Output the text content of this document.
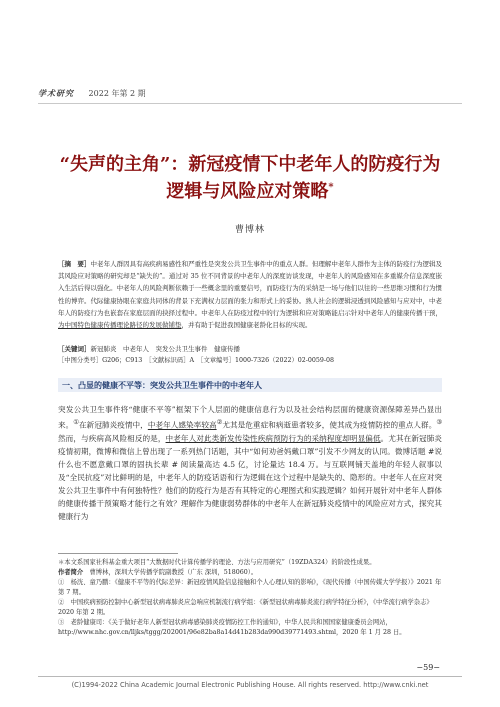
学术研究 2022 年第 2 期
“失声的主角”：新冠疫情下中老年人的防疫行为
逻辑与风险应对策略*
曹博林
［摘　要］中老年人群因具有高疾病易感性和严重性是突发公共卫生事件中的重点人群。但理解中老年人群作为主体的防疫行为逻辑及其风险应对策略的研究却是“缺失的”。通过对 35 位不同背景的中老年人的深度访谈发现，中老年人的风险感知在多重媒介信息深度嵌入生活后得以强化。中老年人的风险判断依赖于一些概念里的重要信号，而防疫行为的采纳是一场与他们以往的一些思维习惯和行为惯性的博弈。代际健康协眼在家庭共同体的背景下充满权力层面的张力和形式上的妥协。熟人社会的逻辑浸透到风险感知与应对中，中老年人的防疫行为也嵌套在家庭层面的抉择过程中。中老年人在防疫过程中的行为逻辑和应对策略能启示针对中老年人的健康传播干预，为中国特色健康传播理论路径的发展做铺垫，并有助于促进我国健康老龄化目标的实现。
［关键词］新冠肺炎　中老年人　突发公共卫生事件　健康传播
［中图分类号］G206；C913　［文献标识码］A　［文章编号］1000-7326（2022）02-0059-08
一、凸显的健康不平等：突发公共卫生事件中的中老年人
突发公共卫生事件将“健康不平等”框架下个人层面的健康信息行为以及社会结构层面的健康资源保障差异凸显出来。①在新冠肺炎疫情中，中老年人感染率较高②尤其是危重症和病逝患者较多，使其成为疫情防控的重点人群。③然而，与疾病高风险相反的是，中老年人对此类新发传染性疾病预防行为的采纳程度却明显偏低。尤其在新冠肺炎疫情初期，微博和微信上曾出现了一系列热门话题，其中“如何劝爸妈戴口罩”引发不少网友的认同。微博话题 #说什么也不愿意戴口罩的固执长辈 # 阅读量高达 4.5 亿，讨论量达 18.4 万。与互联网铺天盖地的年轻人叙事以及“全民抗疫”对比鲜明的是，中老年人的防疫话语和行为逻辑在这个过程中是缺失的、隐形的。中老年人在应对突发公共卫生事件中有何独特性？他们的防疫行为是否有其特定的心理图式和实践逻辑？如何开展针对中老年人群体的健康传播干预策略才能行之有效？理解作为健康弱势群体的中老年人在新冠肺炎疫情中的风险应对方式，探究其健康行为

＊本文系国家社科基金重大项目“大数据时代计算传播学的理论、方法与应用研究”（19ZDA324）的阶段性成果。

作者简介　 曹博林，深圳大学传播学院副教授（广东 深圳，518060）。

①　杨洸、童乃鹏：《健康不平等的代际差异：新冠疫情风险信息接触和个人心理认知的影响》，《现代传播（中国传媒大学学报）》2021 年第 7 期。

②　中国疾病预防控制中心新型冠状病毒肺炎应急响应机制流行病学组：《新型冠状病毒肺炎流行病学特征分析》，《中华流行病学杂志》2020 年第 2 期。

③　老龄健康司：《关于做好老年人新型冠状病毒感染肺炎疫情防控工作的通知》，中华人民共和国国家健康委员会网站，http://www.nhc.gov.cn/lljks/tggg/202001/96e82ba8a14d41b283da990d39771493.shtml，2020 年 1 月 28 日。

−59−
(C)1994-2022 China Academic Journal Electronic Publishing House. All rights reserved. http://www.cnki.net
